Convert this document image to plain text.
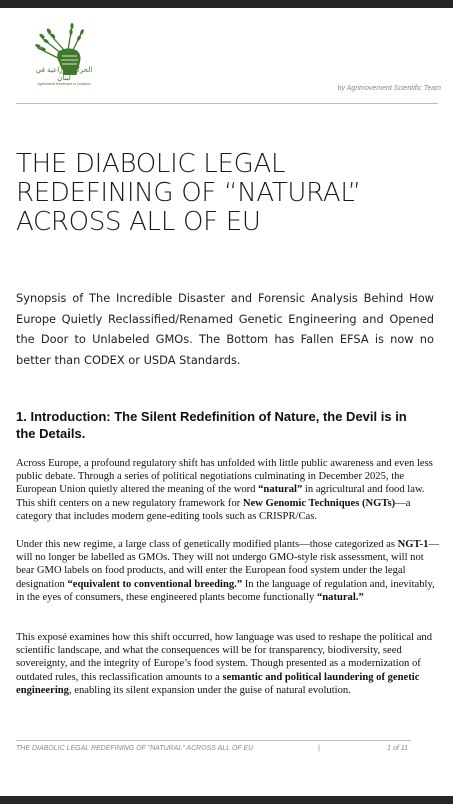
الحركة الزراعية في لبنان
Agricultural Movement in Lebanon
by Agrimovement Scientific Team
THE DIABOLIC LEGAL
REDEFINING OF “NATURAL”
ACROSS ALL OF EU

Synopsis of The Incredible Disaster and Forensic Analysis Behind How Europe Quietly Reclassified/Renamed Genetic Engineering and Opened the Door to Unlabeled GMOs. The Bottom has Fallen EFSA is now no better than CODEX or USDA Standards.

1. Introduction: The Silent Redefinition of Nature, the Devil is in the Details.

Across Europe, a profound regulatory shift has unfolded with little public awareness and even less public debate. Through a series of political negotiations culminating in December 2025, the European Union quietly altered the meaning of the word “natural” in agricultural and food law. This shift centers on a new regulatory framework for New Genomic Techniques (NGTs)—a category that includes modern gene-editing tools such as CRISPR/Cas.

Under this new regime, a large class of genetically modified plants—those categorized as NGT-1—will no longer be labelled as GMOs. They will not undergo GMO-style risk assessment, will not bear GMO labels on food products, and will enter the European food system under the legal designation “equivalent to conventional breeding.” In the language of regulation and, inevitably, in the eyes of consumers, these engineered plants become functionally “natural.”

This exposé examines how this shift occurred, how language was used to reshape the political and scientific landscape, and what the consequences will be for transparency, biodiversity, seed sovereignty, and the integrity of Europe’s food system. Though presented as a modernization of outdated rules, this reclassification amounts to a semantic and political laundering of genetic engineering, enabling its silent expansion under the guise of natural evolution.

THE DIABOLIC LEGAL REDEFINING OF "NATURAL" ACROSS ALL OF EU	|	1 of 11
